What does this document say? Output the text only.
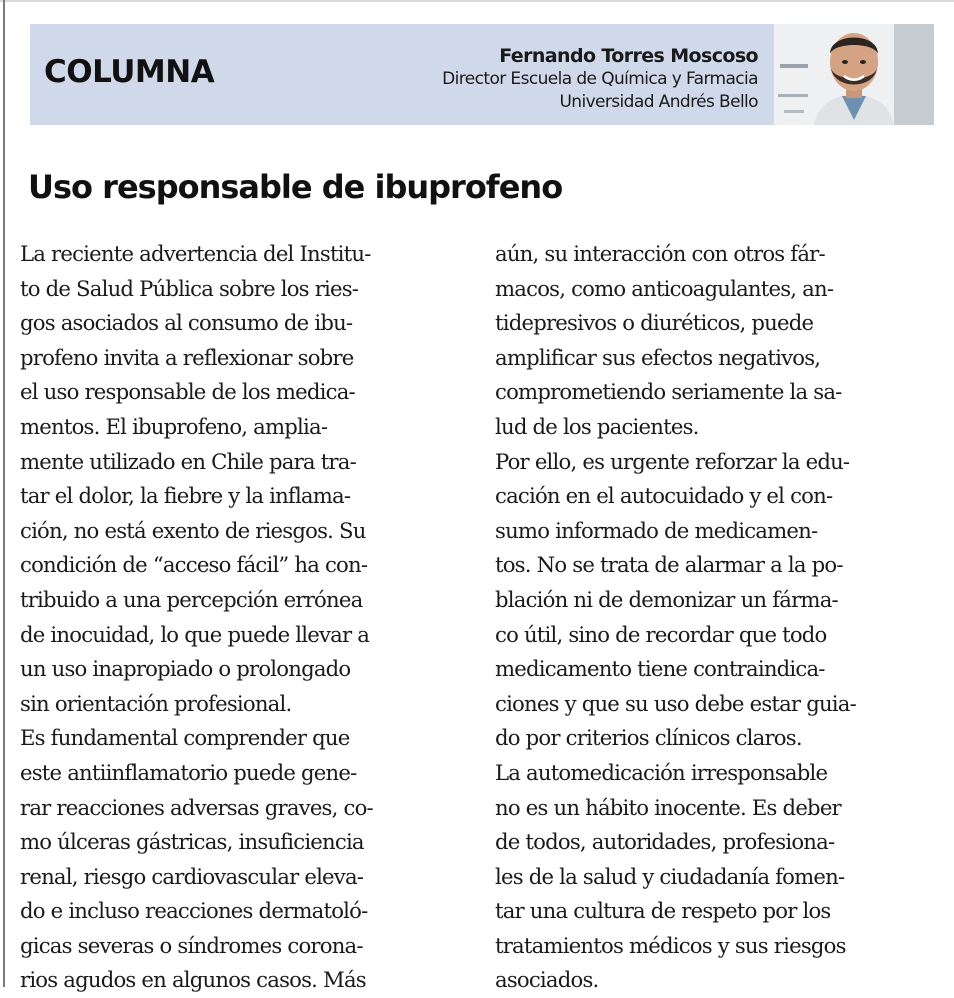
COLUMNA	Fernando Torres Moscoso
Director Escuela de Química y Farmacia
Universidad Andrés Bello
Uso responsable de ibuprofeno
La reciente advertencia del Institu-
to de Salud Pública sobre los ries-
gos asociados al consumo de ibu-
profeno invita a reflexionar sobre
el uso responsable de los medica-
mentos. El ibuprofeno, amplia-
mente utilizado en Chile para tra-
tar el dolor, la fiebre y la inflama-
ción, no está exento de riesgos. Su
condición de “acceso fácil” ha con-
tribuido a una percepción errónea
de inocuidad, lo que puede llevar a
un uso inapropiado o prolongado
sin orientación profesional.
Es fundamental comprender que
este antiinflamatorio puede gene-
rar reacciones adversas graves, co-
mo úlceras gástricas, insuficiencia
renal, riesgo cardiovascular eleva-
do e incluso reacciones dermatoló-
gicas severas o síndromes corona-
rios agudos en algunos casos. Más
aún, su interacción con otros fár-
macos, como anticoagulantes, an-
tidepresivos o diuréticos, puede
amplificar sus efectos negativos,
comprometiendo seriamente la sa-
lud de los pacientes.
Por ello, es urgente reforzar la edu-
cación en el autocuidado y el con-
sumo informado de medicamen-
tos. No se trata de alarmar a la po-
blación ni de demonizar un fárma-
co útil, sino de recordar que todo
medicamento tiene contraindica-
ciones y que su uso debe estar guia-
do por criterios clínicos claros.
La automedicación irresponsable
no es un hábito inocente. Es deber
de todos, autoridades, profesiona-
les de la salud y ciudadanía fomen-
tar una cultura de respeto por los
tratamientos médicos y sus riesgos
asociados.
